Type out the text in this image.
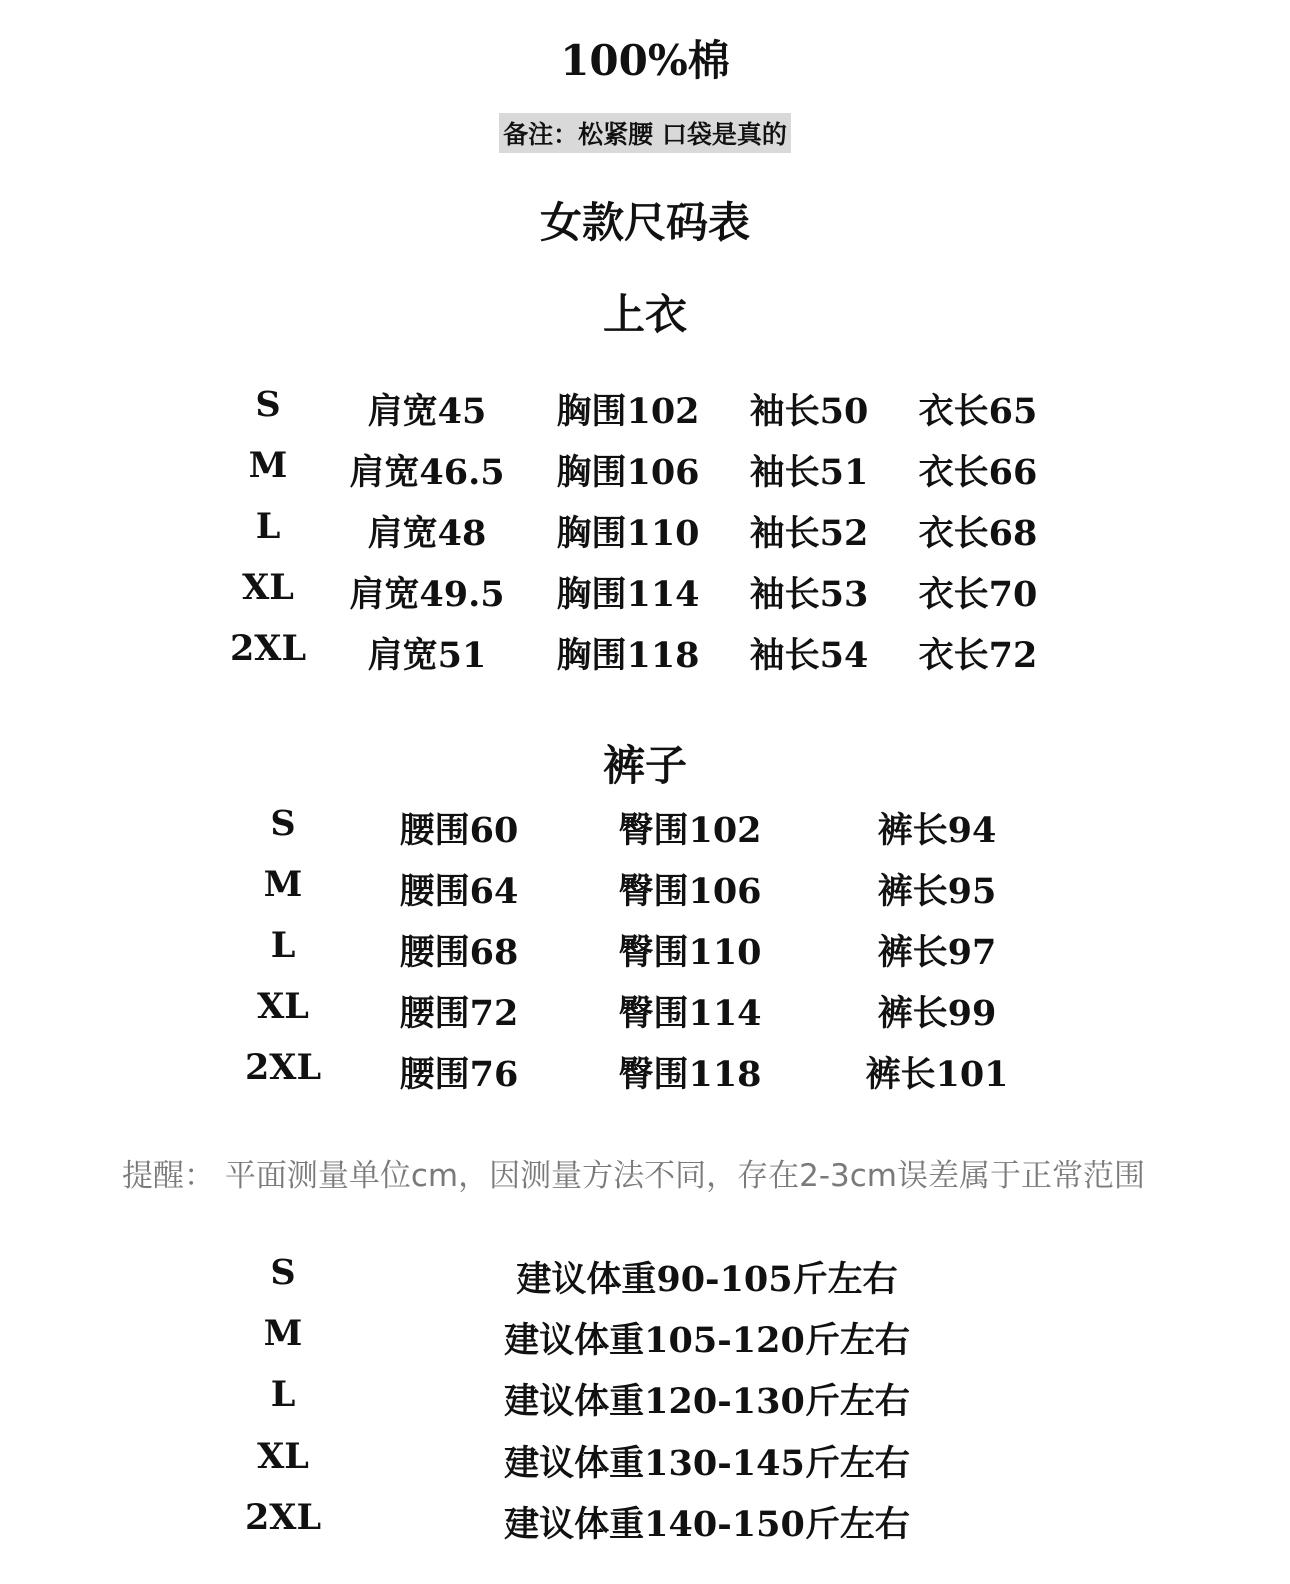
100%棉
备注：松紧腰 口袋是真的
女款尺码表
上衣
S 肩宽45 胸围102 袖长50 衣长65
M 肩宽46.5 胸围106 袖长51 衣长66
L 肩宽48 胸围110 袖长52 衣长68
XL 肩宽49.5 胸围114 袖长53 衣长70
2XL 肩宽51 胸围118 袖长54 衣长72
裤子
S	腰围60	臀围102	裤长94
M	腰围64	臀围106	裤长95
L	腰围68	臀围110	裤长97
XL	腰围72	臀围114	裤长99
2XL 腰围76	臀围118	裤长101
提醒： 平面测量单位cm，因测量方法不同，存在2-3cm误差属于正常范围
S	建议体重90-105斤左右
M	建议体重105-120斤左右
L	建议体重120-130斤左右
XL	建议体重130-145斤左右
2XL	建议体重140-150斤左右
